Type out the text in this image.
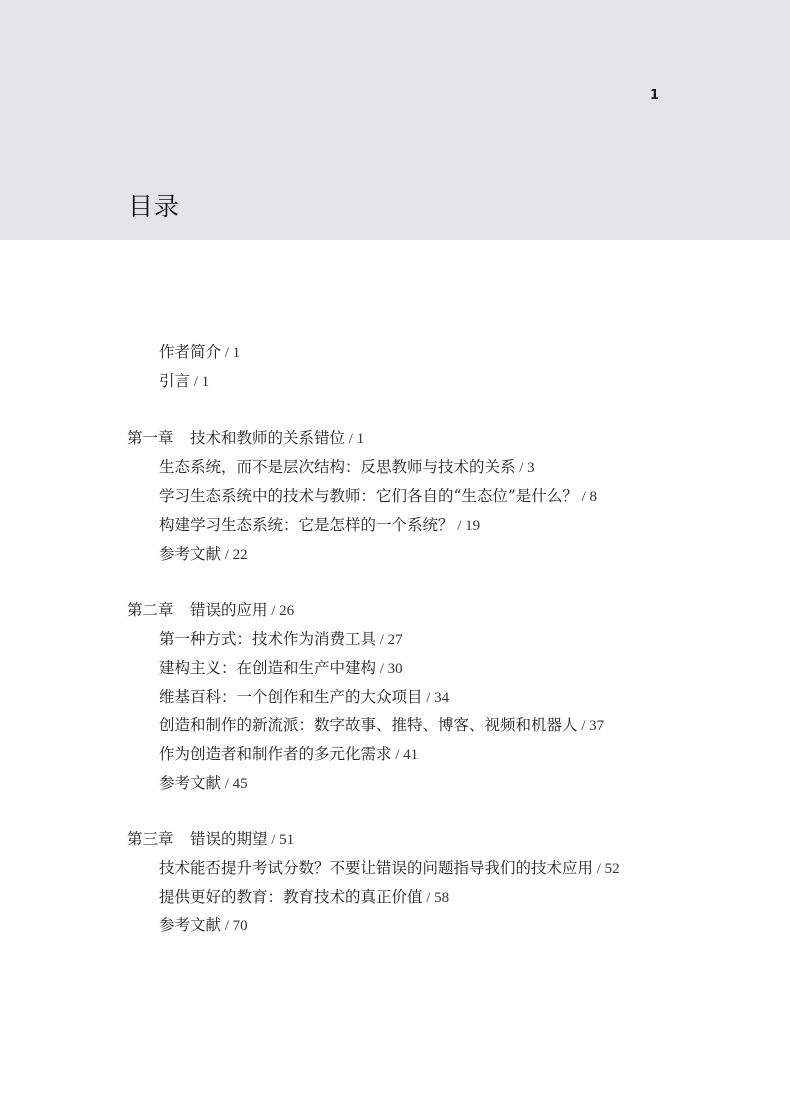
1
目录
作者简介 / 1
引言 / 1
第一章 技术和教师的关系错位 / 1
生态系统，而不是层次结构：反思教师与技术的关系 / 3
学习生态系统中的技术与教师：它们各自的“生态位”是什么？ / 8
构建学习生态系统：它是怎样的一个系统？ / 19
参考文献 / 22
第二章 错误的应用 / 26
第一种方式：技术作为消费工具 / 27
建构主义：在创造和生产中建构 / 30
维基百科：一个创作和生产的大众项目 / 34
创造和制作的新流派：数字故事、推特、博客、视频和机器人 / 37
作为创造者和制作者的多元化需求 / 41
参考文献 / 45
第三章 错误的期望 / 51
技术能否提升考试分数？不要让错误的问题指导我们的技术应用 / 52
提供更好的教育：教育技术的真正价值 / 58
参考文献 / 70
